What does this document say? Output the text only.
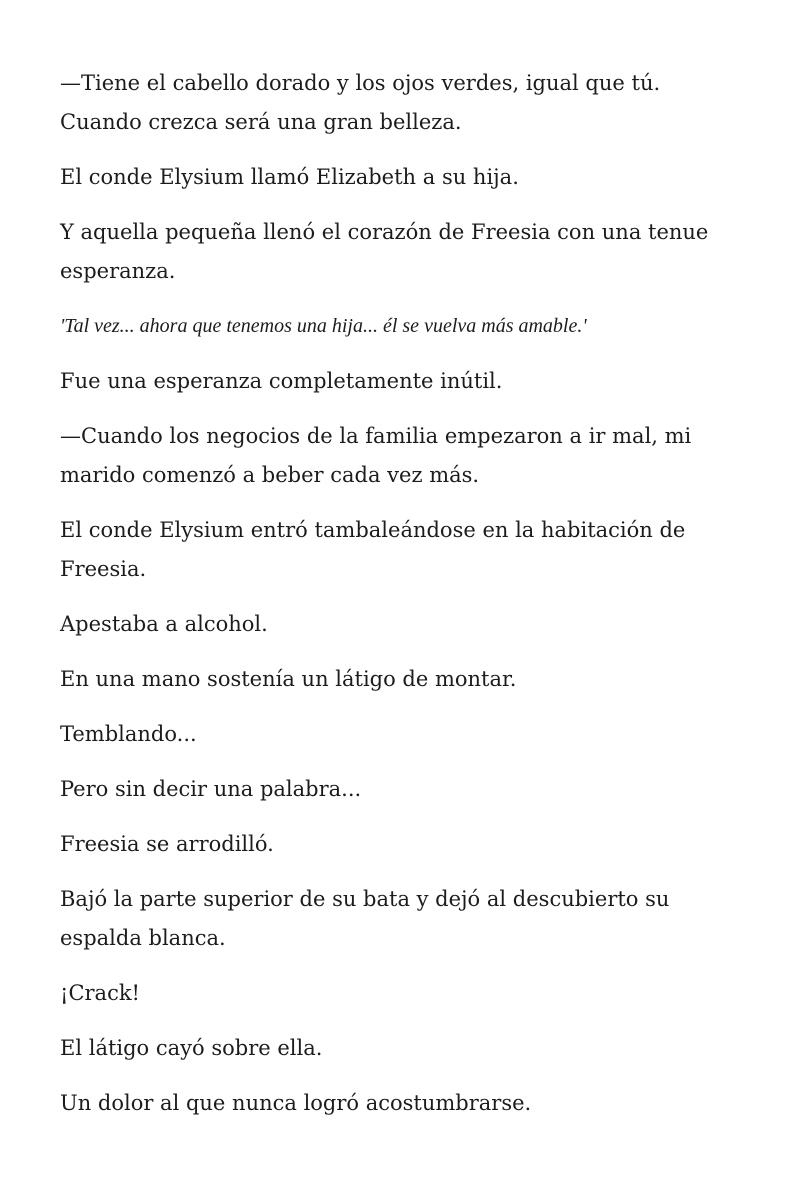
—Tiene el cabello dorado y los ojos verdes, igual que tú. Cuando crezca será una gran belleza.

El conde Elysium llamó Elizabeth a su hija.

Y aquella pequeña llenó el corazón de Freesia con una tenue esperanza.

'Tal vez... ahora que tenemos una hija... él se vuelva más amable.'

Fue una esperanza completamente inútil.

—Cuando los negocios de la familia empezaron a ir mal, mi marido comenzó a beber cada vez más.

El conde Elysium entró tambaleándose en la habitación de Freesia.

Apestaba a alcohol.

En una mano sostenía un látigo de montar.

Temblando...

Pero sin decir una palabra...

Freesia se arrodilló.

Bajó la parte superior de su bata y dejó al descubierto su espalda blanca.

¡Crack!

El látigo cayó sobre ella.

Un dolor al que nunca logró acostumbrarse.
